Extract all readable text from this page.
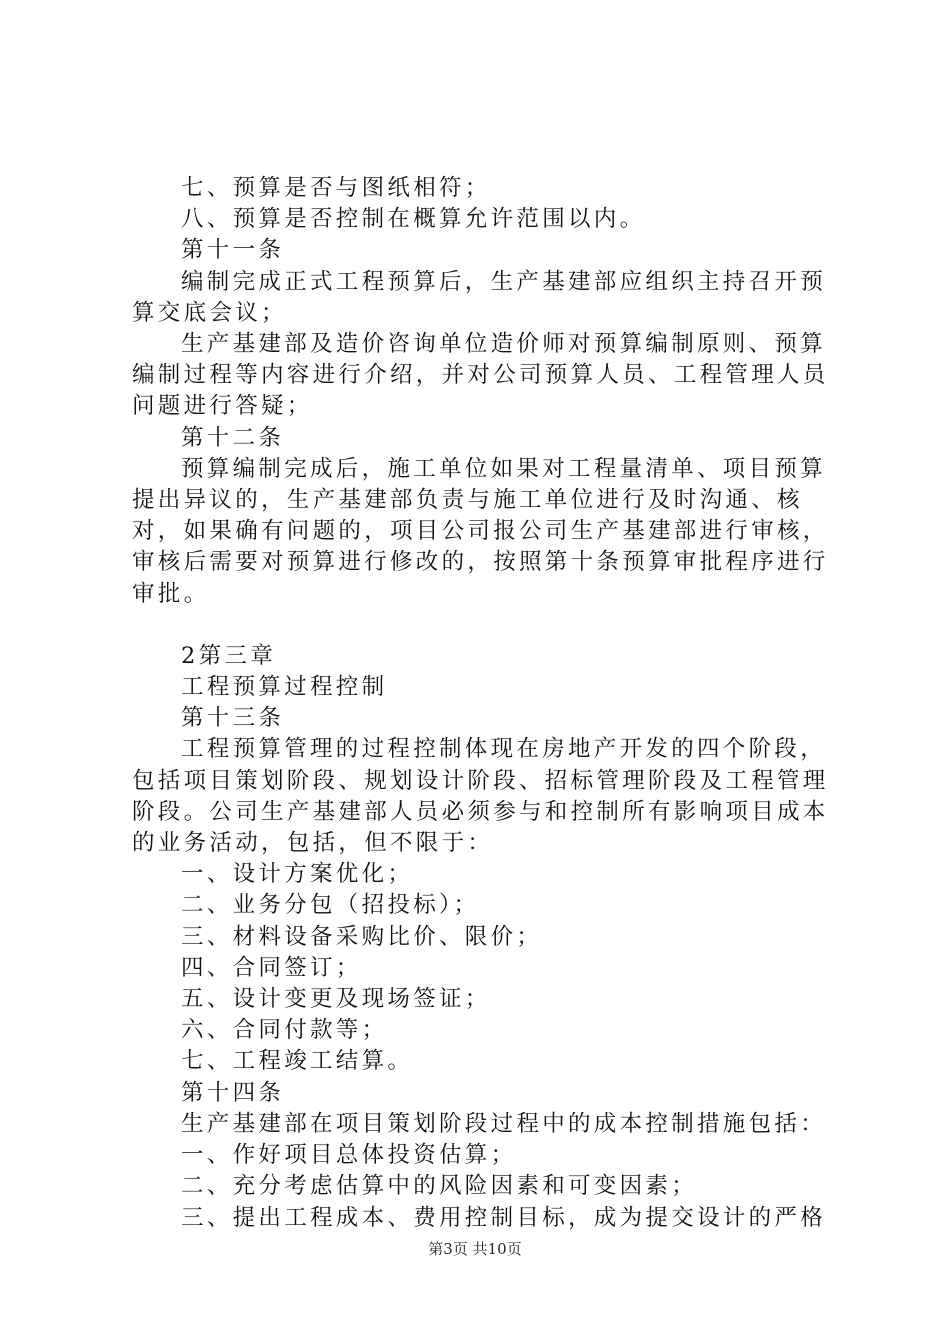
七、预算是否与图纸相符；

八、预算是否控制在概算允许范围以内。

第十一条

编制完成正式工程预算后，生产基建部应组织主持召开预算交底会议；

生产基建部及造价咨询单位造价师对预算编制原则、预算编制过程等内容进行介绍，并对公司预算人员、工程管理人员问题进行答疑；

第十二条

预算编制完成后，施工单位如果对工程量清单、项目预算提出异议的，生产基建部负责与施工单位进行及时沟通、核对，如果确有问题的，项目公司报公司生产基建部进行审核，审核后需要对预算进行修改的，按照第十条预算审批程序进行审批。

2第三章

工程预算过程控制

第十三条

工程预算管理的过程控制体现在房地产开发的四个阶段，包括项目策划阶段、规划设计阶段、招标管理阶段及工程管理阶段。公司生产基建部人员必须参与和控制所有影响项目成本的业务活动，包括，但不限于：

一、设计方案优化；

二、业务分包（招投标）；

三、材料设备采购比价、限价；

四、合同签订；

五、设计变更及现场签证；

六、合同付款等；

七、工程竣工结算。

第十四条

生产基建部在项目策划阶段过程中的成本控制措施包括：

一、作好项目总体投资估算；

二、充分考虑估算中的风险因素和可变因素；

三、提出工程成本、费用控制目标，成为提交设计的严格

第3页 共10页
